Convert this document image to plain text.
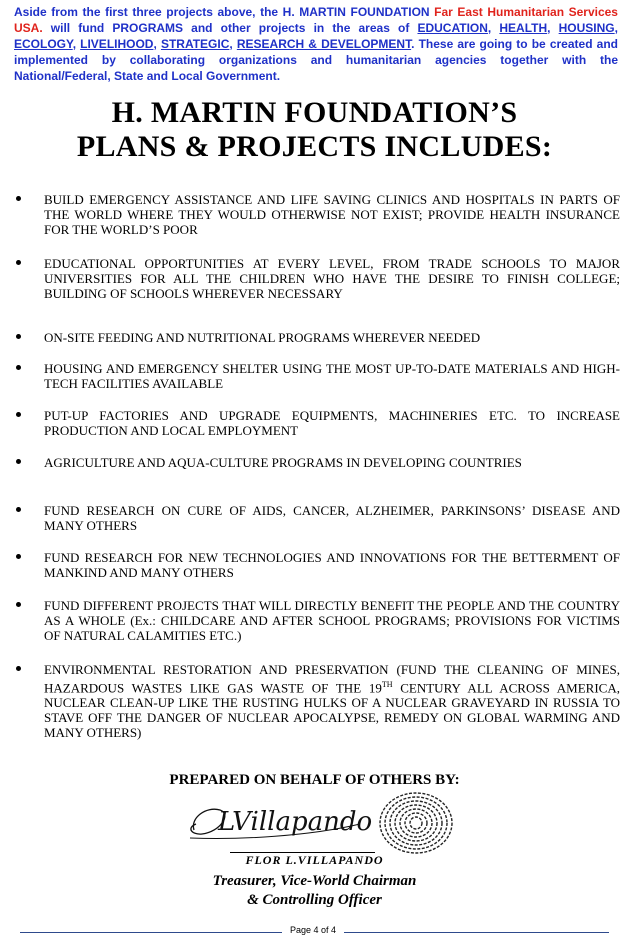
Aside from the first three projects above, the H. MARTIN FOUNDATION Far East Humanitarian Services USA. will fund PROGRAMS and other projects in the areas of EDUCATION, HEALTH, HOUSING, ECOLOGY, LIVELIHOOD, STRATEGIC, RESEARCH & DEVELOPMENT. These are going to be created and implemented by collaborating organizations and humanitarian agencies together with the National/Federal, State and Local Government.
H. MARTIN FOUNDATION’S
PLANS & PROJECTS INCLUDES:
BUILD EMERGENCY ASSISTANCE AND LIFE SAVING CLINICS AND HOSPITALS IN PARTS OF THE WORLD WHERE THEY WOULD OTHERWISE NOT EXIST; PROVIDE HEALTH INSURANCE FOR THE WORLD’S POOR
EDUCATIONAL OPPORTUNITIES AT EVERY LEVEL, FROM TRADE SCHOOLS TO MAJOR UNIVERSITIES FOR ALL THE CHILDREN WHO HAVE THE DESIRE TO FINISH COLLEGE; BUILDING OF SCHOOLS WHEREVER NECESSARY
ON-SITE FEEDING AND NUTRITIONAL PROGRAMS WHEREVER NEEDED
HOUSING AND EMERGENCY SHELTER USING THE MOST UP-TO-DATE MATERIALS AND HIGH-TECH FACILITIES AVAILABLE
PUT-UP FACTORIES AND UPGRADE EQUIPMENTS, MACHINERIES ETC. TO INCREASE PRODUCTION AND LOCAL EMPLOYMENT
AGRICULTURE AND AQUA-CULTURE PROGRAMS IN DEVELOPING COUNTRIES
FUND RESEARCH ON CURE OF AIDS, CANCER, ALZHEIMER, PARKINSONS’ DISEASE AND MANY OTHERS
FUND RESEARCH FOR NEW TECHNOLOGIES AND INNOVATIONS FOR THE BETTERMENT OF MANKIND AND MANY OTHERS
FUND DIFFERENT PROJECTS THAT WILL DIRECTLY BENEFIT THE PEOPLE AND THE COUNTRY AS A WHOLE (Ex.: CHILDCARE AND AFTER SCHOOL PROGRAMS; PROVISIONS FOR VICTIMS OF NATURAL CALAMITIES ETC.)
ENVIRONMENTAL RESTORATION AND PRESERVATION (FUND THE CLEANING OF MINES, HAZARDOUS WASTES LIKE GAS WASTE OF THE 19TH CENTURY ALL ACROSS AMERICA, NUCLEAR CLEAN-UP LIKE THE RUSTING HULKS OF A NUCLEAR GRAVEYARD IN RUSSIA TO STAVE OFF THE DANGER OF NUCLEAR APOCALYPSE, REMEDY ON GLOBAL WARMING AND MANY OTHERS)
PREPARED ON BEHALF OF OTHERS BY:
LVillapando
FLOR L.VILLAPANDO
Treasurer, Vice-World Chairman
& Controlling Officer
Page 4 of 4
